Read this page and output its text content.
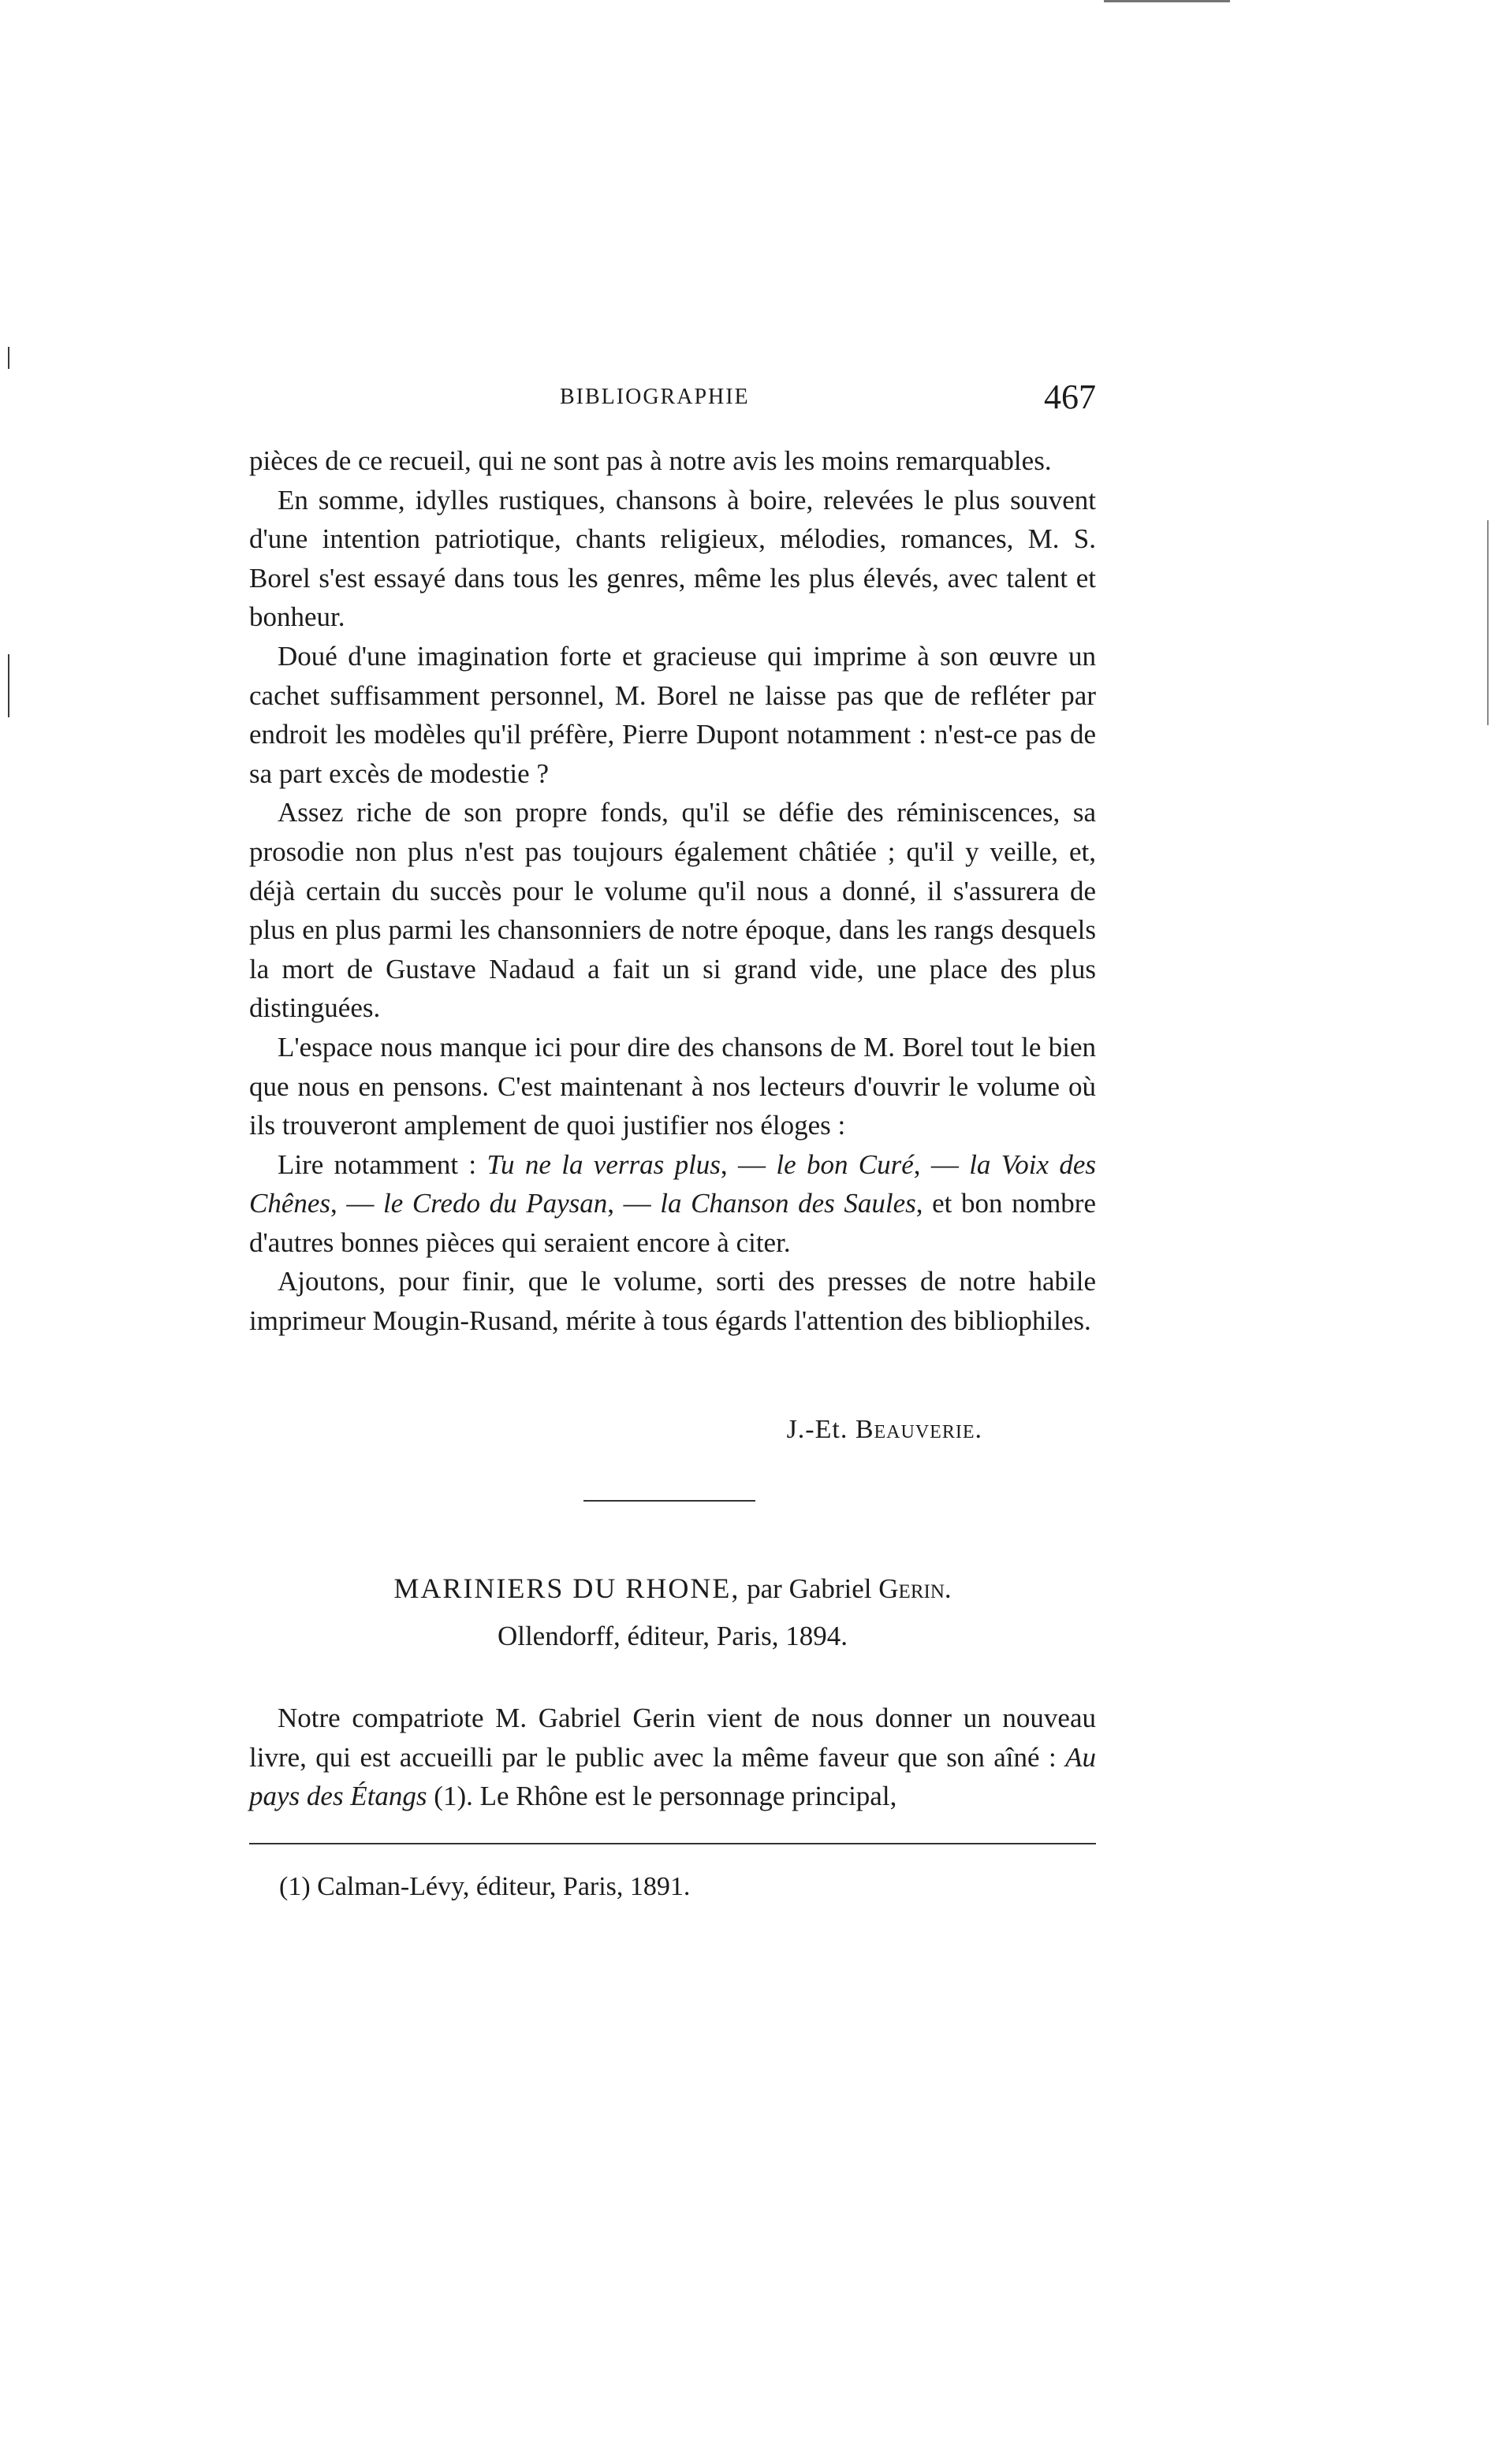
BIBLIOGRAPHIE	467

pièces de ce recueil, qui ne sont pas à notre avis les moins remarquables.

En somme, idylles rustiques, chansons à boire, relevées le plus souvent d'une intention patriotique, chants religieux, mélodies, romances, M. S. Borel s'est essayé dans tous les genres, même les plus élevés, avec talent et bonheur.

Doué d'une imagination forte et gracieuse qui imprime à son œuvre un cachet suffisamment personnel, M. Borel ne laisse pas que de refléter par endroit les modèles qu'il préfère, Pierre Dupont notamment : n'est-ce pas de sa part excès de modestie ?

Assez riche de son propre fonds, qu'il se défie des réminiscences, sa prosodie non plus n'est pas toujours également châtiée ; qu'il y veille, et, déjà certain du succès pour le volume qu'il nous a donné, il s'assurera de plus en plus parmi les chansonniers de notre époque, dans les rangs desquels la mort de Gustave Nadaud a fait un si grand vide, une place des plus distinguées.

L'espace nous manque ici pour dire des chansons de M. Borel tout le bien que nous en pensons. C'est maintenant à nos lecteurs d'ouvrir le volume où ils trouveront amplement de quoi justifier nos éloges :

Lire notamment : Tu ne la verras plus, — le bon Curé, — la Voix des Chênes, — le Credo du Paysan, — la Chanson des Saules, et bon nombre d'autres bonnes pièces qui seraient encore à citer.

Ajoutons, pour finir, que le volume, sorti des presses de notre habile imprimeur Mougin-Rusand, mérite à tous égards l'attention des bibliophiles.

J.-Et. Beauverie.
MARINIERS DU RHONE, par Gabriel Gerin.
Ollendorff, éditeur, Paris, 1894.

Notre compatriote M. Gabriel Gerin vient de nous donner un nouveau livre, qui est accueilli par le public avec la même faveur que son aîné : Au pays des Étangs (1). Le Rhône est le personnage principal,

(1) Calman-Lévy, éditeur, Paris, 1891.
